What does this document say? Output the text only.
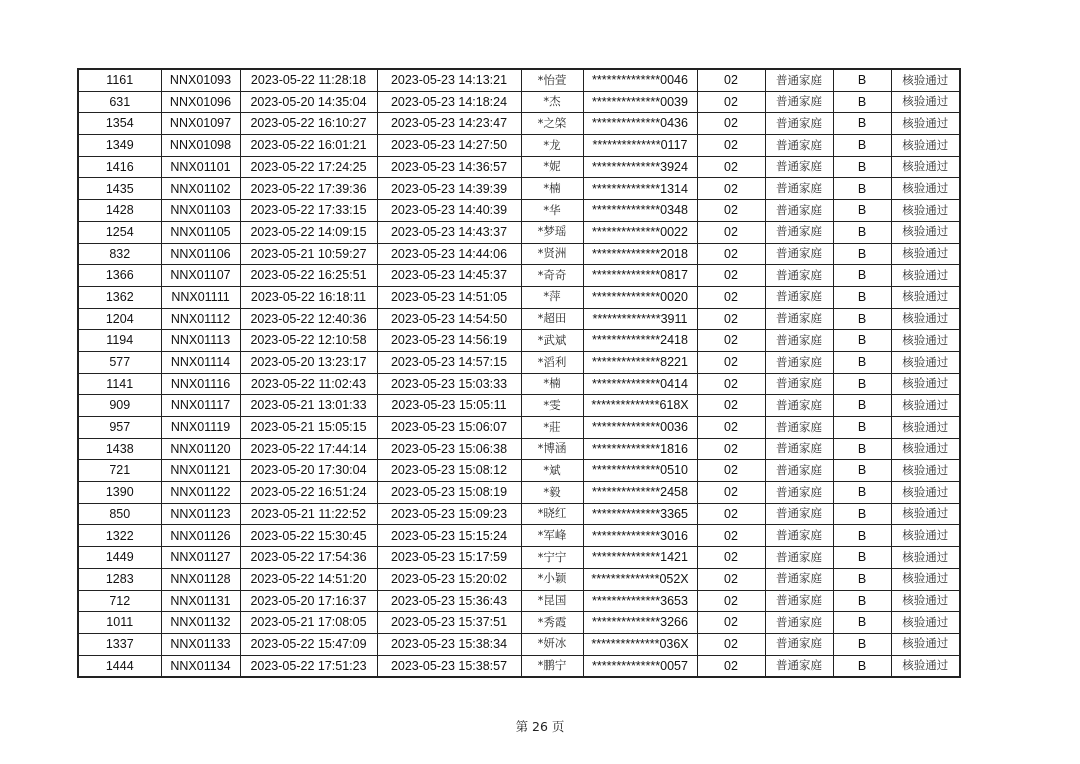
1161	NNX01093	2023-05-22 11:28:18	2023-05-23 14:13:21	*怡萱	**************0046	02	普通家庭	B	核验通过
631	NNX01096	2023-05-20 14:35:04	2023-05-23 14:18:24	*杰	**************0039	02	普通家庭	B	核验通过
1354	NNX01097	2023-05-22 16:10:27	2023-05-23 14:23:47	*之棨	**************0436	02	普通家庭	B	核验通过
1349	NNX01098	2023-05-22 16:01:21	2023-05-23 14:27:50	*龙	**************0117	02	普通家庭	B	核验通过
1416	NNX01101	2023-05-22 17:24:25	2023-05-23 14:36:57	*妮	**************3924	02	普通家庭	B	核验通过
1435	NNX01102	2023-05-22 17:39:36	2023-05-23 14:39:39	*楠	**************1314	02	普通家庭	B	核验通过
1428	NNX01103	2023-05-22 17:33:15	2023-05-23 14:40:39	*华	**************0348	02	普通家庭	B	核验通过
1254	NNX01105	2023-05-22 14:09:15	2023-05-23 14:43:37	*梦瑶	**************0022	02	普通家庭	B	核验通过
832	NNX01106	2023-05-21 10:59:27	2023-05-23 14:44:06	*贤洲	**************2018	02	普通家庭	B	核验通过
1366	NNX01107	2023-05-22 16:25:51	2023-05-23 14:45:37	*奇奇	**************0817	02	普通家庭	B	核验通过
1362	NNX01111	2023-05-22 16:18:11	2023-05-23 14:51:05	*萍	**************0020	02	普通家庭	B	核验通过
1204	NNX01112	2023-05-22 12:40:36	2023-05-23 14:54:50	*超田	**************3911	02	普通家庭	B	核验通过
1194	NNX01113	2023-05-22 12:10:58	2023-05-23 14:56:19	*武斌	**************2418	02	普通家庭	B	核验通过
577	NNX01114	2023-05-20 13:23:17	2023-05-23 14:57:15	*滔利	**************8221	02	普通家庭	B	核验通过
1141	NNX01116	2023-05-22 11:02:43	2023-05-23 15:03:33	*楠	**************0414	02	普通家庭	B	核验通过
909	NNX01117	2023-05-21 13:01:33	2023-05-23 15:05:11	*雯	**************618X	02	普通家庭	B	核验通过
957	NNX01119	2023-05-21 15:05:15	2023-05-23 15:06:07	*莊	**************0036	02	普通家庭	B	核验通过
1438	NNX01120	2023-05-22 17:44:14	2023-05-23 15:06:38	*博涵	**************1816	02	普通家庭	B	核验通过
721	NNX01121	2023-05-20 17:30:04	2023-05-23 15:08:12	*斌	**************0510	02	普通家庭	B	核验通过
1390	NNX01122	2023-05-22 16:51:24	2023-05-23 15:08:19	*毅	**************2458	02	普通家庭	B	核验通过
850	NNX01123	2023-05-21 11:22:52	2023-05-23 15:09:23	*晓红	**************3365	02	普通家庭	B	核验通过
1322	NNX01126	2023-05-22 15:30:45	2023-05-23 15:15:24	*军峰	**************3016	02	普通家庭	B	核验通过
1449	NNX01127	2023-05-22 17:54:36	2023-05-23 15:17:59	*宁宁	**************1421	02	普通家庭	B	核验通过
1283	NNX01128	2023-05-22 14:51:20	2023-05-23 15:20:02	*小颖	**************052X	02	普通家庭	B	核验通过
712	NNX01131	2023-05-20 17:16:37	2023-05-23 15:36:43	*昆国	**************3653	02	普通家庭	B	核验通过
1011	NNX01132	2023-05-21 17:08:05	2023-05-23 15:37:51	*秀霞	**************3266	02	普通家庭	B	核验通过
1337	NNX01133	2023-05-22 15:47:09	2023-05-23 15:38:34	*妍冰	**************036X	02	普通家庭	B	核验通过
1444	NNX01134	2023-05-22 17:51:23	2023-05-23 15:38:57	*鹏宁	**************0057	02	普通家庭	B	核验通过
第 26 页
